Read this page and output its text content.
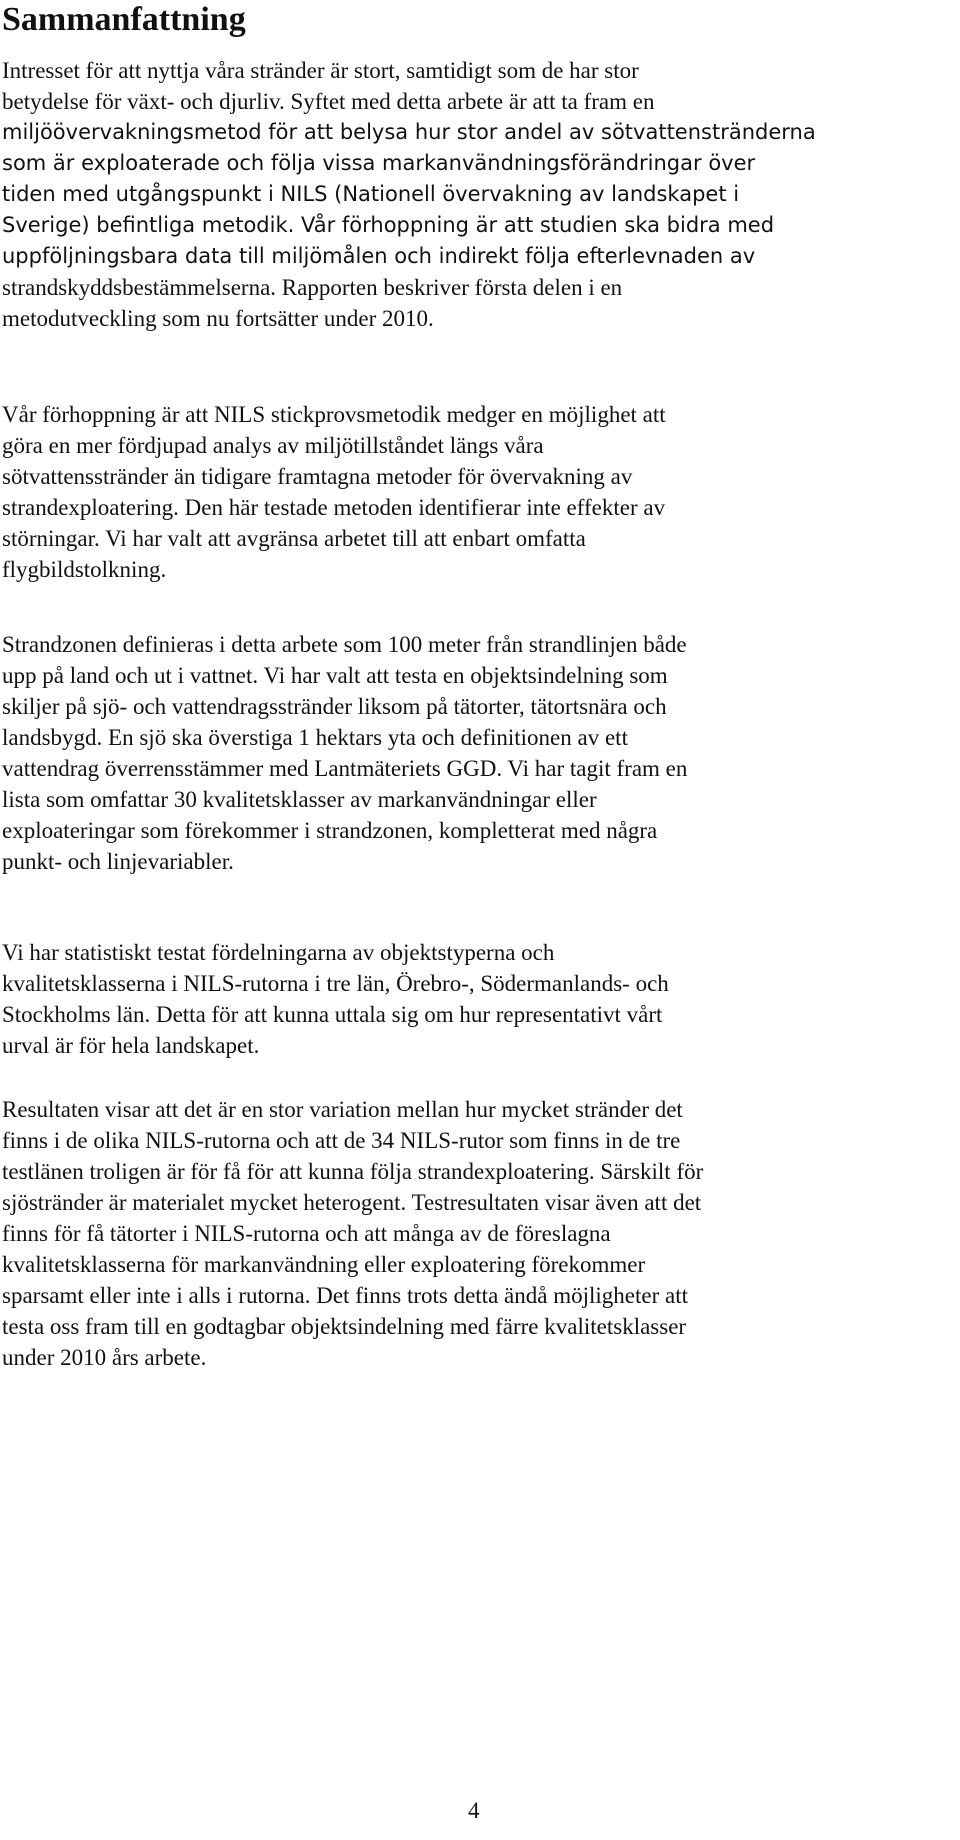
Sammanfattning

Intresset för att nyttja våra stränder är stort, samtidigt som de har stor
betydelse för växt- och djurliv. Syftet med detta arbete är att ta fram en
miljöövervakningsmetod för att belysa hur stor andel av sötvattenstränderna
som är exploaterade och följa vissa markanvändningsförändringar över
tiden med utgångspunkt i NILS (Nationell övervakning av landskapet i
Sverige) befintliga metodik. Vår förhoppning är att studien ska bidra med
uppföljningsbara data till miljömålen och indirekt följa efterlevnaden av
strandskyddsbestämmelserna. Rapporten beskriver första delen i en
metodutveckling som nu fortsätter under 2010.

Vår förhoppning är att NILS stickprovsmetodik medger en möjlighet att
göra en mer fördjupad analys av miljötillståndet längs våra
sötvattensstränder än tidigare framtagna metoder för övervakning av
strandexploatering. Den här testade metoden identifierar inte effekter av
störningar. Vi har valt att avgränsa arbetet till att enbart omfatta
flygbildstolkning.

Strandzonen definieras i detta arbete som 100 meter från strandlinjen både
upp på land och ut i vattnet. Vi har valt att testa en objektsindelning som
skiljer på sjö- och vattendragsstränder liksom på tätorter, tätortsnära och
landsbygd. En sjö ska överstiga 1 hektars yta och definitionen av ett
vattendrag överrensstämmer med Lantmäteriets GGD. Vi har tagit fram en
lista som omfattar 30 kvalitetsklasser av markanvändningar eller
exploateringar som förekommer i strandzonen, kompletterat med några
punkt- och linjevariabler.

Vi har statistiskt testat fördelningarna av objektstyperna och
kvalitetsklasserna i NILS-rutorna i tre län, Örebro-, Södermanlands- och
Stockholms län. Detta för att kunna uttala sig om hur representativt vårt
urval är för hela landskapet.

Resultaten visar att det är en stor variation mellan hur mycket stränder det
finns i de olika NILS-rutorna och att de 34 NILS-rutor som finns in de tre
testlänen troligen är för få för att kunna följa strandexploatering. Särskilt för
sjöstränder är materialet mycket heterogent. Testresultaten visar även att det
finns för få tätorter i NILS-rutorna och att många av de föreslagna
kvalitetsklasserna för markanvändning eller exploatering förekommer
sparsamt eller inte i alls i rutorna. Det finns trots detta ändå möjligheter att
testa oss fram till en godtagbar objektsindelning med färre kvalitetsklasser
under 2010 års arbete.

4
